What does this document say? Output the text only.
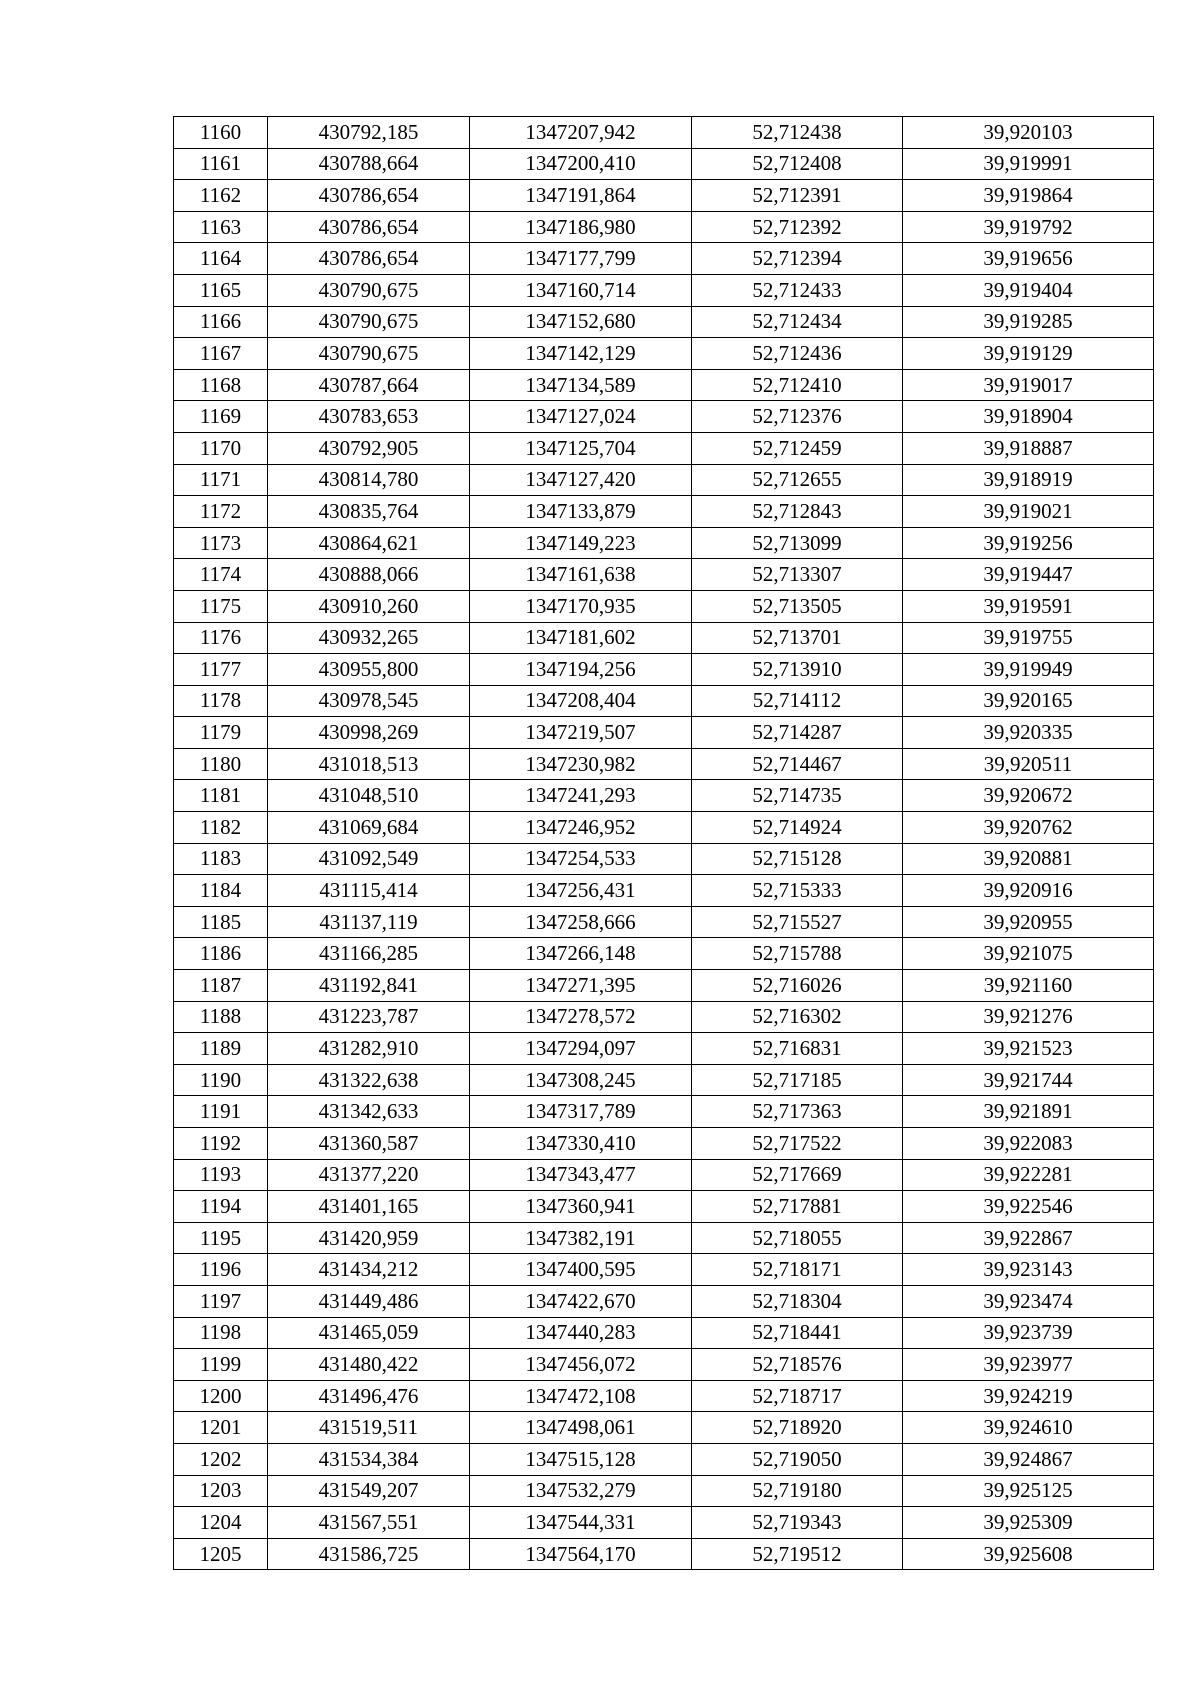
1160	430792,185	1347207,942	52,712438	39,920103
1161	430788,664	1347200,410	52,712408	39,919991
1162	430786,654	1347191,864	52,712391	39,919864
1163	430786,654	1347186,980	52,712392	39,919792
1164	430786,654	1347177,799	52,712394	39,919656
1165	430790,675	1347160,714	52,712433	39,919404
1166	430790,675	1347152,680	52,712434	39,919285
1167	430790,675	1347142,129	52,712436	39,919129
1168	430787,664	1347134,589	52,712410	39,919017
1169	430783,653	1347127,024	52,712376	39,918904
1170	430792,905	1347125,704	52,712459	39,918887
1171	430814,780	1347127,420	52,712655	39,918919
1172	430835,764	1347133,879	52,712843	39,919021
1173	430864,621	1347149,223	52,713099	39,919256
1174	430888,066	1347161,638	52,713307	39,919447
1175	430910,260	1347170,935	52,713505	39,919591
1176	430932,265	1347181,602	52,713701	39,919755
1177	430955,800	1347194,256	52,713910	39,919949
1178	430978,545	1347208,404	52,714112	39,920165
1179	430998,269	1347219,507	52,714287	39,920335
1180	431018,513	1347230,982	52,714467	39,920511
1181	431048,510	1347241,293	52,714735	39,920672
1182	431069,684	1347246,952	52,714924	39,920762
1183	431092,549	1347254,533	52,715128	39,920881
1184	431115,414	1347256,431	52,715333	39,920916
1185	431137,119	1347258,666	52,715527	39,920955
1186	431166,285	1347266,148	52,715788	39,921075
1187	431192,841	1347271,395	52,716026	39,921160
1188	431223,787	1347278,572	52,716302	39,921276
1189	431282,910	1347294,097	52,716831	39,921523
1190	431322,638	1347308,245	52,717185	39,921744
1191	431342,633	1347317,789	52,717363	39,921891
1192	431360,587	1347330,410	52,717522	39,922083
1193	431377,220	1347343,477	52,717669	39,922281
1194	431401,165	1347360,941	52,717881	39,922546
1195	431420,959	1347382,191	52,718055	39,922867
1196	431434,212	1347400,595	52,718171	39,923143
1197	431449,486	1347422,670	52,718304	39,923474
1198	431465,059	1347440,283	52,718441	39,923739
1199	431480,422	1347456,072	52,718576	39,923977
1200	431496,476	1347472,108	52,718717	39,924219
1201	431519,511	1347498,061	52,718920	39,924610
1202	431534,384	1347515,128	52,719050	39,924867
1203	431549,207	1347532,279	52,719180	39,925125
1204	431567,551	1347544,331	52,719343	39,925309
1205	431586,725	1347564,170	52,719512	39,925608
